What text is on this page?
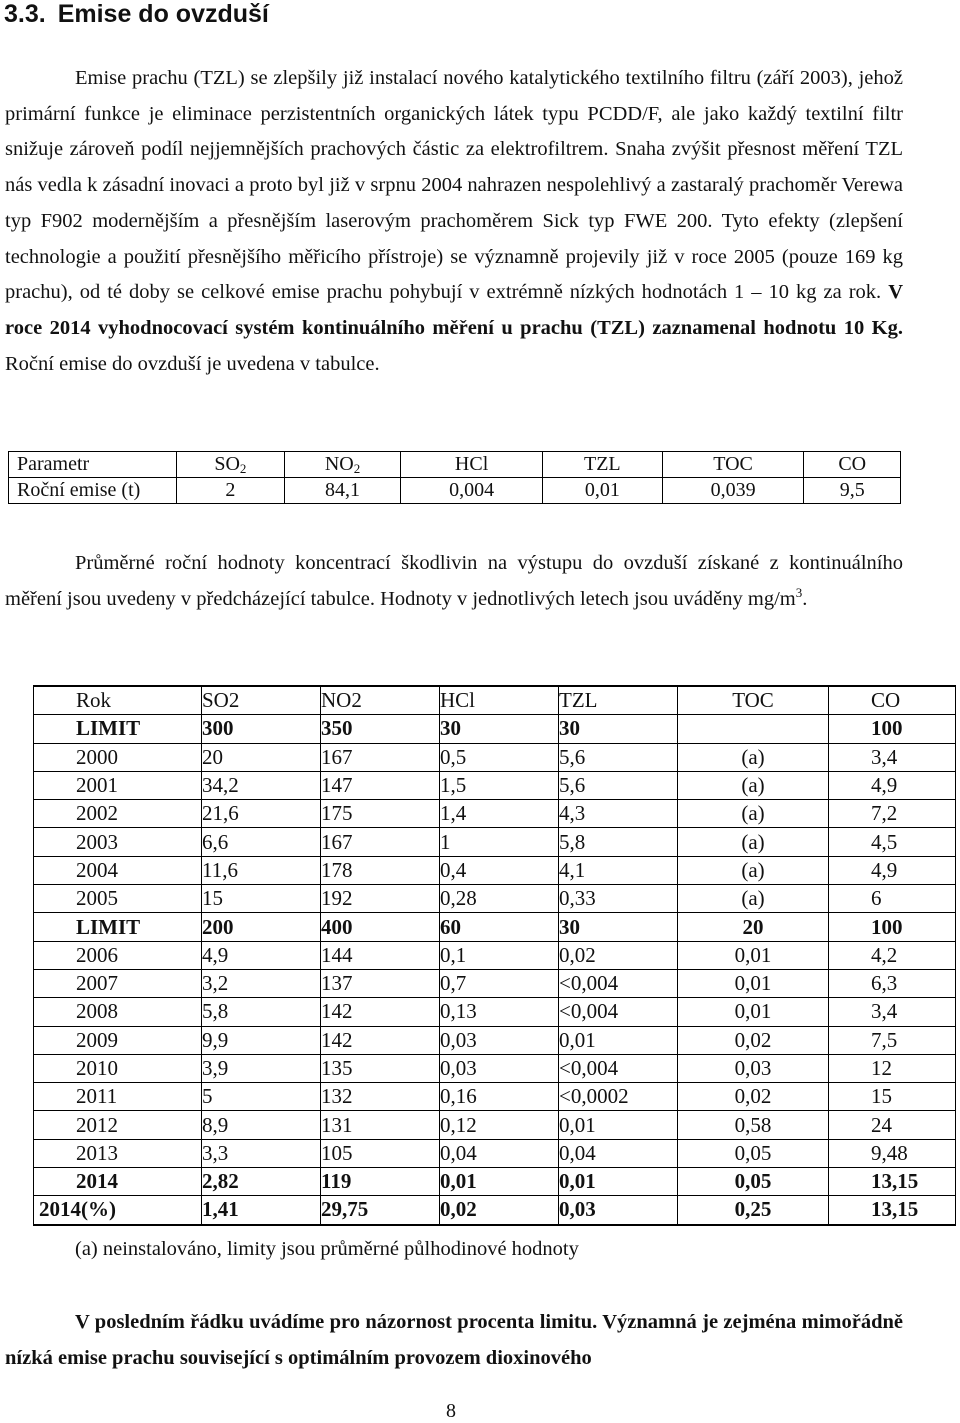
3.3. Emise do ovzduší
Emise prachu (TZL) se zlepšily již instalací nového katalytického textilního filtru (září 2003), jehož primární funkce je eliminace perzistentních organických látek typu PCDD/F, ale jako každý textilní filtr snižuje zároveň podíl nejjemnějších prachových částic za elektrofiltrem. Snaha zvýšit přesnost měření TZL nás vedla k zásadní inovaci a proto byl již v srpnu 2004 nahrazen nespolehlivý a zastaralý prachoměr Verewa typ F902 modernějším a přesnějším laserovým prachoměrem Sick typ FWE 200. Tyto efekty (zlepšení technologie a použití přesnějšího měřicího přístroje) se významně projevily již v roce 2005 (pouze 169 kg prachu), od té doby se celkové emise prachu pohybují v extrémně nízkých hodnotách 1 – 10 kg za rok. V roce 2014 vyhodnocovací systém kontinuálního měření u prachu (TZL) zaznamenal hodnotu 10 Kg. Roční emise do ovzduší je uvedena v tabulce.
Parametr	$SO_2$	$NO_2$	HCl	TZL	TOC	CO
Roční emise (t)	2	84,1	0,004	0,01	0,039	9,5
Průměrné roční hodnoty koncentrací škodlivin na výstupu do ovzduší získané z kontinuálního měření jsou uvedeny v předcházející tabulce. Hodnoty v jednotlivých letech jsou uváděny $mg/m^3$.
Rok	SO2	NO2	HCl	TZL	TOC	CO
LIMIT	300	350	30	30		100
2000	20	167	0,5	5,6	(a)	3,4
2001	34,2	147	1,5	5,6	(a)	4,9
2002	21,6	175	1,4	4,3	(a)	7,2
2003	6,6	167	1	5,8	(a)	4,5
2004	11,6	178	0,4	4,1	(a)	4,9
2005	15	192	0,28	0,33	(a)	6
LIMIT	200	400	60	30	20	100
2006	4,9	144	0,1	0,02	0,01	4,2
2007	3,2	137	0,7	<0,004	0,01	6,3
2008	5,8	142	0,13	<0,004	0,01	3,4
2009	9,9	142	0,03	0,01	0,02	7,5
2010	3,9	135	0,03	<0,004	0,03	12
2011	5	132	0,16	<0,0002	0,02	15
2012	8,9	131	0,12	0,01	0,58	24
2013	3,3	105	0,04	0,04	0,05	9,48
2014	2,82	119	0,01	0,01	0,05	13,15
2014(%)	1,41	29,75	0,02	0,03	0,25	13,15
(a) neinstalováno, limity jsou průměrné půlhodinové hodnoty
V posledním řádku uvádíme pro názornost procenta limitu. Významná je zejména mimořádně nízká emise prachu související s optimálním provozem dioxinového
8
